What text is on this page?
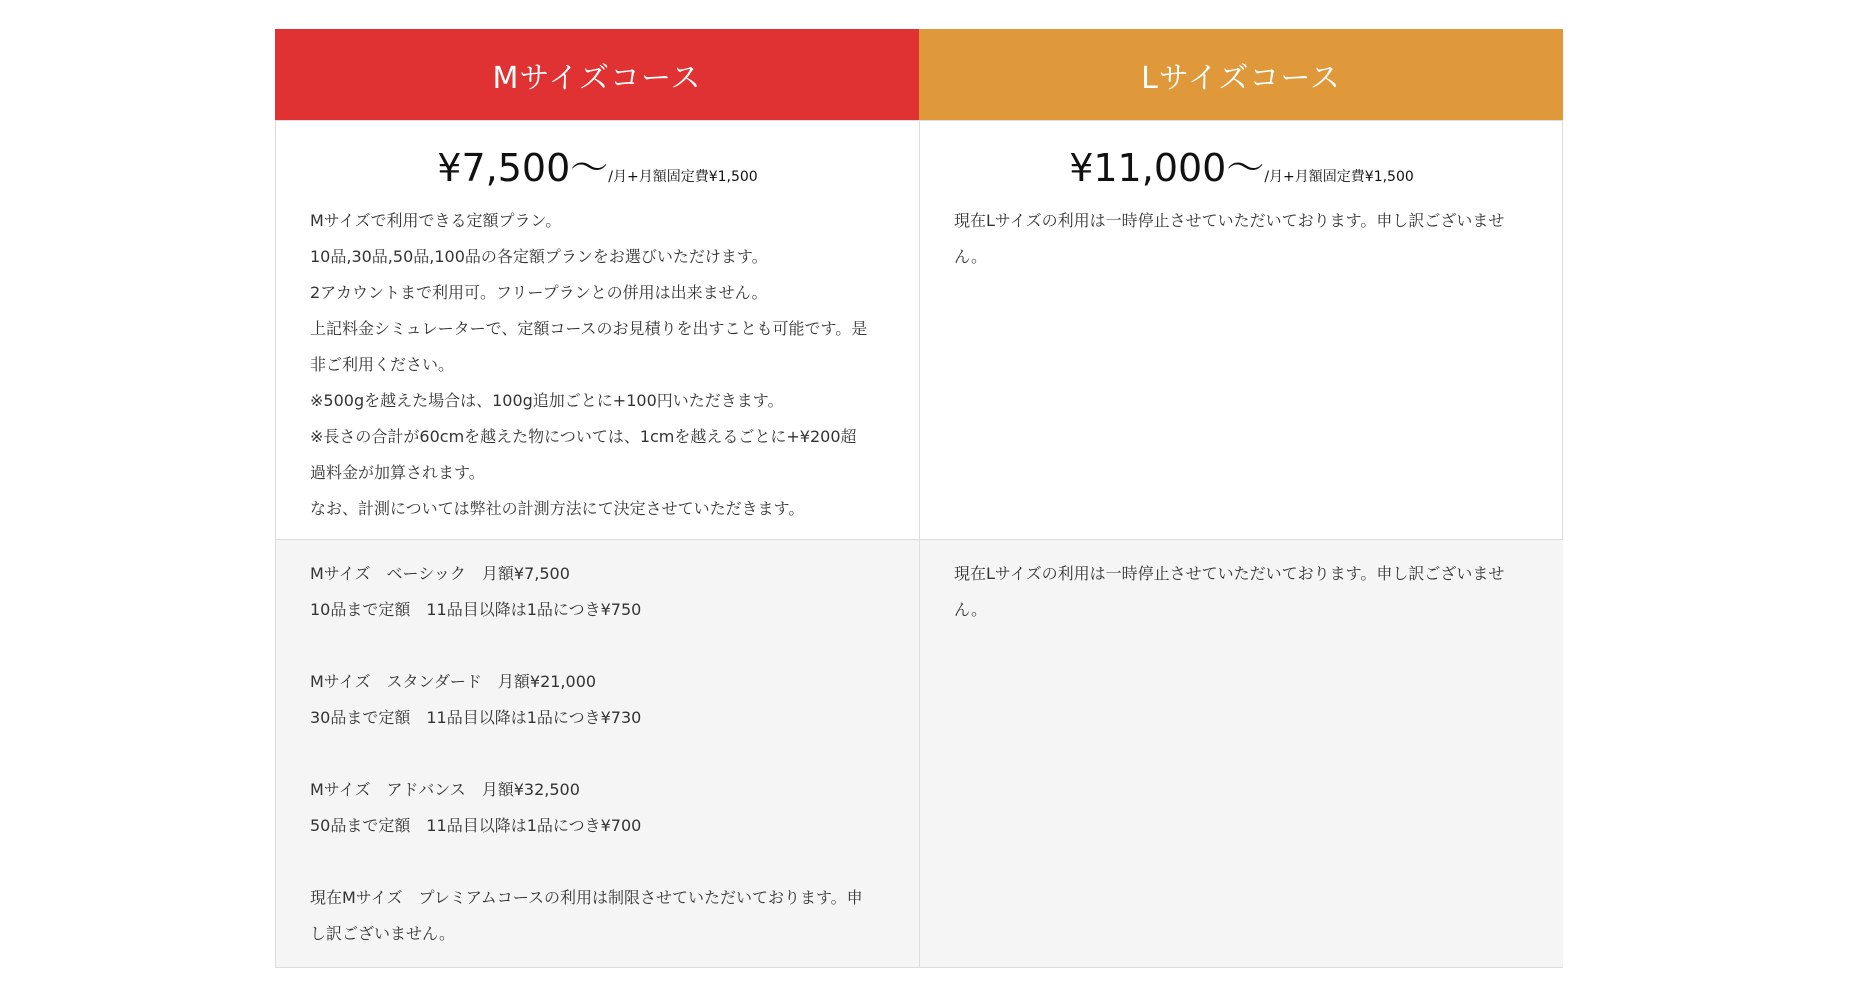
Mサイズコース	Lサイズコース
¥7,500〜/月+月額固定費¥1,500

Mサイズで利用できる定額プラン。

10品,30品,50品,100品の各定額プランをお選びいただけます。

2アカウントまで利用可。フリープランとの併用は出来ません。

上記料金シミュレーターで、定額コースのお見積りを出すことも可能です。是

非ご利用ください。

※500gを越えた場合は、100g追加ごとに+100円いただきます。

※長さの合計が60cmを越えた物については、1cmを越えるごとに+¥200超

過料金が加算されます。

なお、計測については弊社の計測方法にて決定させていただきます。

¥11,000〜/月+月額固定費¥1,500

現在Lサイズの利用は一時停止させていただいております。申し訳ございませ

ん。

Mサイズ　ベーシック　月額¥7,500

10品まで定額　11品目以降は1品につき¥750

Mサイズ　スタンダード　月額¥21,000

30品まで定額　11品目以降は1品につき¥730

Mサイズ　アドバンス　月額¥32,500

50品まで定額　11品目以降は1品につき¥700

現在Mサイズ　プレミアムコースの利用は制限させていただいております。申

し訳ございません。

現在Lサイズの利用は一時停止させていただいております。申し訳ございませ

ん。
